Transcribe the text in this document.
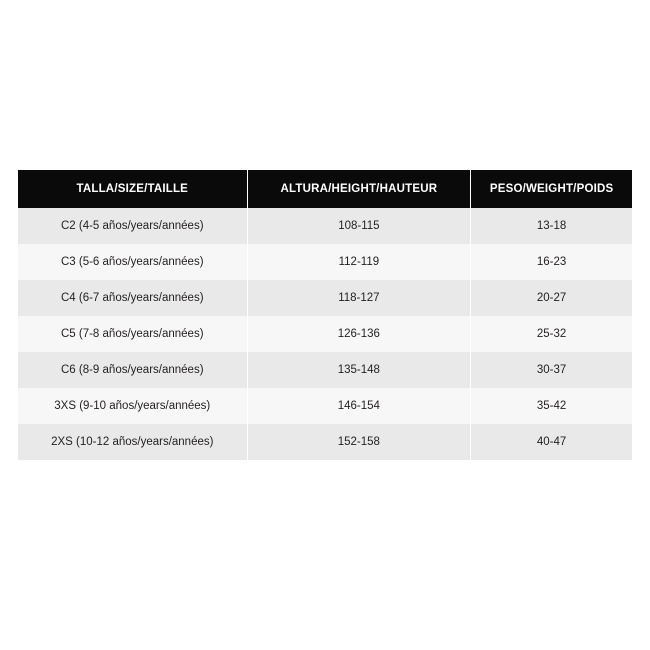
TALLA/SIZE/TAILLE	ALTURA/HEIGHT/HAUTEUR	PESO/WEIGHT/POIDS
C2 (4-5 años/years/années)	108-115	13-18
C3 (5-6 años/years/années)	112-119	16-23
C4 (6-7 años/years/années)	118-127	20-27
C5 (7-8 años/years/années)	126-136	25-32
C6 (8-9 años/years/années)	135-148	30-37
3XS (9-10 años/years/années)	146-154	35-42
2XS (10-12 años/years/années)	152-158	40-47
